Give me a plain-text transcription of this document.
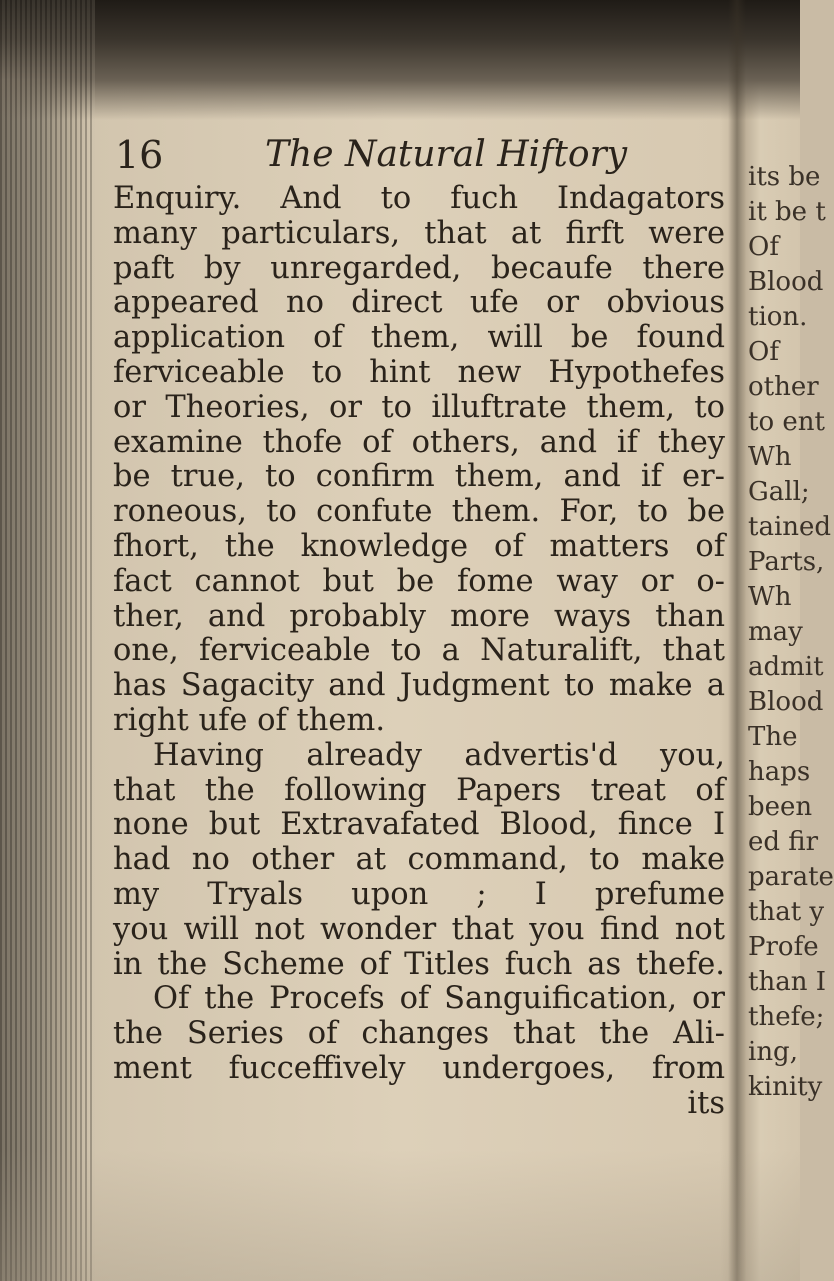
16	The Natural Hiftory
Enquiry. And to fuch Indagators
many particulars, that at firft were
paft by unregarded, becaufe there
appeared no direct ufe or obvious
application of them, will be found
ferviceable to hint new Hypothefes
or Theories, or to illuftrate them, to
examine thofe of others, and if they
be true, to confirm them, and if er-
roneous, to confute them. For, to be
fhort, the knowledge of matters of
fact cannot but be fome way or o-
ther, and probably more ways than
one, ferviceable to a Naturalift, that
has Sagacity and Judgment to make a
right ufe of them.
Having already advertis'd you,
that the following Papers treat of
none but Extravafated Blood, fince I
had no other at command, to make
my Tryals upon ; I prefume
you will not wonder that you find not
in the Scheme of Titles fuch as thefe.
Of the Procefs of Sanguification, or
the Series of changes that the Ali-
ment fucceffively undergoes, from
its
its be
it be t
Of
Blood
tion.
Of
other
to ent
Wh
Gall;
tained
Parts,
Wh
may
admit
Blood
The
haps
been
ed fir
parate
that y
Profe
than I
thefe;
ing,
kinity
